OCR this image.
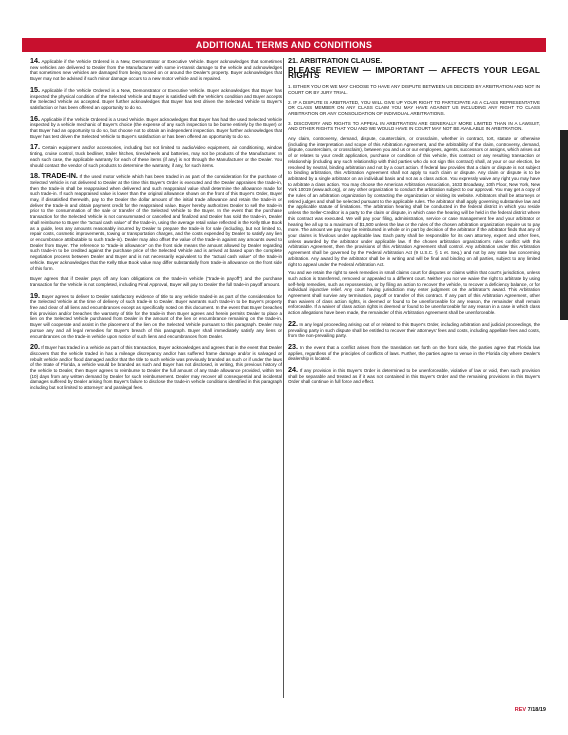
ADDITIONAL TERMS AND CONDITIONS

14. Applicable if the Vehicle Ordered is a New, Demonstrator or Executive Vehicle. Buyer acknowledges that sometimes new vehicles are delivered to Dealer from the Manufacturer with some in-transit damage to the vehicle and acknowledges that sometimes new vehicles are damaged from being moved on or around the Dealer's property. Buyer acknowledges that Buyer may not be advised if such minor damage occurs to a new motor vehicle and is repaired.

15. Applicable if the Vehicle Ordered is a New, Demonstrator or Executive Vehicle. Buyer acknowledges that Buyer has inspected the physical condition of the Selected Vehicle and Buyer is satisfied with the Vehicle's condition and Buyer accepts the Selected Vehicle as accepted. Buyer further acknowledges that Buyer has test driven the Selected Vehicle to Buyer's satisfaction or has been offered an opportunity to do so.

16. Applicable if the Vehicle Ordered is a Used Vehicle. Buyer acknowledges that Buyer has had the used Selected Vehicle inspected by a vehicle mechanic of Buyer's choice (the expense of any such inspection to be borne entirely by the Buyer) or that Buyer had an opportunity to do so, but choose not to obtain an independent inspection. Buyer further acknowledges that Buyer has test driven the Selected Vehicle to Buyer's satisfaction or has been offered an opportunity to do so.

17. Certain equipment and/or accessories, including but not limited to audio/video equipment, air conditioning, window tinting, cruise control, truck bedliner, trailer hitches, tires/wheels and batteries, may not be products of the Manufacturer. In each such case, the applicable warranty for each of these items (if any) is not through the Manufacturer or the Dealer. You should contact the vendor of such products to determine the warranty, if any, for such items.

18. TRADE-IN. If the used motor vehicle which has been traded in as part of the consideration for the purchase of Selected Vehicle is not delivered to Dealer at the time this Buyer's Order is executed and the Dealer appraises the trade-in, then the trade-in shall be reappraised when delivered and such reappraisal value shall determine the allowance made for such trade-in. If such reappraised value is lower than the original allowance shown on the front of this Buyer's Order, Buyer may, if dissatisfied therewith, pay to the Dealer the dollar amount of the initial trade allowance and retain the trade-in or deliver the trade-in and obtain payment credit for the reappraised value. Buyer hereby authorizes Dealer to sell the trade-in prior to the consummation of the sale or transfer of the Selected Vehicle to the Buyer. In the event that the purchase transaction for the Selected Vehicle is not consummated or cancelled and finalized and Dealer has sold the trade-in, Dealer shall reimburse to Buyer the "actual cash value" of the trade-in, using the average retail value reflected in the Kelly Blue Book as a guide, less any amounts reasonably incurred by Dealer to prepare the trade-in for sale (including, but not limited to, repair costs, cosmetic improvements, towing or transportation charges, and the costs expended by Dealer to satisfy any lien or encumbrance attributable to such trade-in). Dealer may also offset the value of the trade-in against any amounts owed to Dealer from Buyer. The reference to "trade-in allowance" on the front side means the amount allowed by Dealer regarding such trade-in to be credited against the purchase price of the Selected Vehicle and is arrived at based upon the complete negotiation process between Dealer and Buyer and is not necessarily equivalent to the "actual cash value" of the trade-in vehicle. Buyer acknowledges that the Kelly Blue Book value may differ substantially from trade-in allowance on the front side of this form.

Buyer agrees that if Dealer pays off any loan obligations on the trade-in vehicle ("trade-in payoff") and the purchase transaction for the Vehicle is not completed, including Final Approval, Buyer will pay to Dealer the full trade-in payoff amount.

19. Buyer agrees to deliver to Dealer satisfactory evidence of title to any vehicle traded-in as part of the consideration for the Selected Vehicle at the time of delivery of such trade-in to Dealer. Buyer warrants such trade-in to be Buyer's property free and clear of all liens and encumbrances except as specifically noted on this document. In the event that Buyer breaches this provision and/or breaches the warranty of title for the trade-in then Buyer agrees and herein permits Dealer to place a lien on the Selected Vehicle purchased from Dealer in the amount of the lien or encumbrance remaining on the trade-in. Buyer will cooperate and assist in the placement of the lien on the Selected Vehicle pursuant to this paragraph. Dealer may pursue any and all legal remedies for Buyer's breach of this paragraph. Buyer shall immediately satisfy any liens or encumbrances on the trade-in vehicle upon notice of such liens and encumbrances from Dealer.

20. If Buyer has traded in a vehicle as part of this transaction, Buyer acknowledges and agrees that in the event that Dealer discovers that the vehicle traded in has a mileage discrepancy and/or has suffered frame damage and/or is salvaged or rebuilt vehicle and/or flood damaged and/or that the title to such vehicle was previously branded as such or if under the laws of the State of Florida, a vehicle would be branded as such and Buyer has not disclosed, in writing, this previous history of the vehicle to Dealer, then Buyer agrees to reimburse to Dealer the full amount of any trade allowance provided, within ten (10) days from any written demand by Dealer for such reimbursement. Dealer may recover all consequential and incidental damages suffered by Dealer arising from Buyer's failure to disclose the trade-in vehicle conditions identified in this paragraph including but not limited to attorneys' and paralegal fees.

21. ARBITRATION CLAUSE.

PLEASE REVIEW — IMPORTANT — AFFECTS YOUR LEGAL RIGHTS

1. EITHER YOU OR WE MAY CHOOSE TO HAVE ANY DISPUTE BETWEEN US DECIDED BY ARBITRATION AND NOT IN COURT OR BY JURY TRIAL.

2. IF A DISPUTE IS ARBITRATED, YOU WILL GIVE UP YOUR RIGHT TO PARTICIPATE AS A CLASS REPRESENTATIVE OR CLASS MEMBER ON ANY CLASS CLAIM YOU MAY HAVE AGAINST US INCLUDING ANY RIGHT TO CLASS ARBITRATION OR ANY CONSOLIDATION OF INDIVIDUAL ARBITRATIONS.

3. DISCOVERY AND RIGHTS TO APPEAL IN ARBITRATION ARE GENERALLY MORE LIMITED THAN IN A LAWSUIT, AND OTHER RIGHTS THAT YOU AND WE WOULD HAVE IN COURT MAY NOT BE AVAILABLE IN ARBITRATION.

Any claim, controversy, demand, dispute, counterclaim, or crossclaim, whether in contract, tort, statute or otherwise (including the interpretation and scope of this Arbitration Agreement, and the arbitrability of the claim, controversy, demand, dispute, counterclaim, or crossclaim), between you and us or our employees, agents, successors or assigns, which arises out of or relates to your credit application, purchase or condition of this vehicle, this contract or any resulting transaction or relationship (including any such relationship with third parties who do not sign this contract) shall, at your or our election, be resolved by neutral, binding arbitration and not by a court action. If federal law provides that a claim or dispute is not subject to binding arbitration, this Arbitration Agreement shall not apply to such claim or dispute. Any claim or dispute is to be arbitrated by a single arbitrator on an individual basis and not as a class action. You expressly waive any right you may have to arbitrate a class action. You may choose the American Arbitration Association, 1633 Broadway, 10th Floor, New York, New York 10019 (www.adr.org), or any other organization to conduct the arbitration subject to our approval. You may get a copy of the rules of an arbitration organization by contacting the organization or visiting its website. Arbitrators shall be attorneys or retired judges and shall be selected pursuant to the applicable rules. The arbitrator shall apply governing substantive law and the applicable statute of limitations. The arbitration hearing shall be conducted in the federal district in which you reside unless the Seller-Creditor is a party to the claim or dispute, in which case the hearing will be held in the federal district where this contract was executed. We will pay your filing, administration, service or case management fee and your arbitrator or hearing fee all up to a maximum of $1,500 unless the law or the rules of the chosen arbitration organization require us to pay more. The amount we pay may be reimbursed in whole or in part by decision of the arbitrator if the arbitrator finds that any of your claims is frivolous under applicable law. Each party shall be responsible for its own attorney, expert and other fees, unless awarded by the arbitrator under applicable law. If the chosen arbitration organization's rules conflict with this Arbitration Agreement, then the provisions of this Arbitration Agreement shall control. Any arbitration under this Arbitration Agreement shall be governed by the Federal Arbitration Act (9 U.S.C. § 1 et. Seq.) and not by any state law concerning arbitration. Any award by the arbitrator shall be in writing and will be final and binding on all parties, subject to any limited right to appeal under the Federal Arbitration Act.

You and we retain the right to seek remedies in small claims court for disputes or claims within that court's jurisdiction, unless such action is transferred, removed or appealed to a different court. Neither you nor we waive the right to arbitrate by using self-help remedies, such as repossession, or by filing an action to recover the vehicle, to recover a deficiency balance, or for individual injunctive relief. Any court having jurisdiction may enter judgment on the arbitrator's award. This Arbitration Agreement shall survive any termination, payoff or transfer of this contract. If any part of this Arbitration Agreement, other than waivers of class action rights, is deemed or found to be unenforceable for any reason, the remainder shall remain enforceable. If a waiver of class action rights is deemed or found to be unenforceable for any reason in a case in which class action allegations have been made, the remainder of this Arbitration Agreement shall be unenforceable.

22. In any legal proceeding arising out of or related to this Buyer's Order, including arbitration and judicial proceedings, the prevailing party in such dispute shall be entitled to recover their attorneys' fees and costs, including appellate fees and costs, from the non-prevailing party.

23. In the event that a conflict arises from the translation set forth on the front side, the parties agree that Florida law applies, regardless of the principles of conflicts of laws. Further, the parties agree to venue in the Florida city where Dealer's dealership is located.

24. If any provision in this Buyer's Order is determined to be unenforceable, violative of law or void, then such provision shall be separable and treated as if it was not contained in this Buyer's Order and the remaining provisions in this Buyer's Order shall continue in full force and effect.

REV 7/18/19
